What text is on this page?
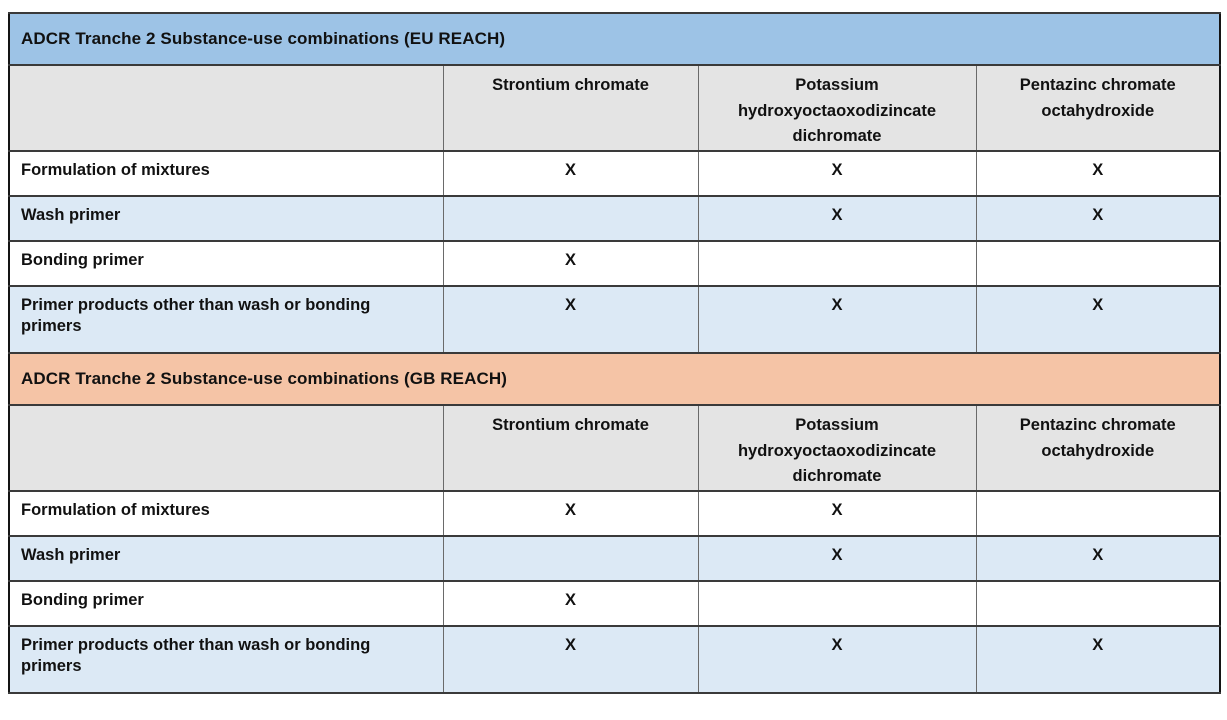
ADCR Tranche 2 Substance-use combinations (EU REACH)			
	Strontium chromate	Potassium hydroxyoctaoxodizincate dichromate	Pentazinc chromate octahydroxide
Formulation of mixtures	X	X	X
Wash primer		X	X
Bonding primer	X		
Primer products other than wash or bonding primers	X	X	X
ADCR Tranche 2 Substance-use combinations (GB REACH)			
	Strontium chromate	Potassium hydroxyoctaoxodizincate dichromate	Pentazinc chromate octahydroxide
Formulation of mixtures	X	X	
Wash primer		X	X
Bonding primer	X		
Primer products other than wash or bonding primers	X	X	X
